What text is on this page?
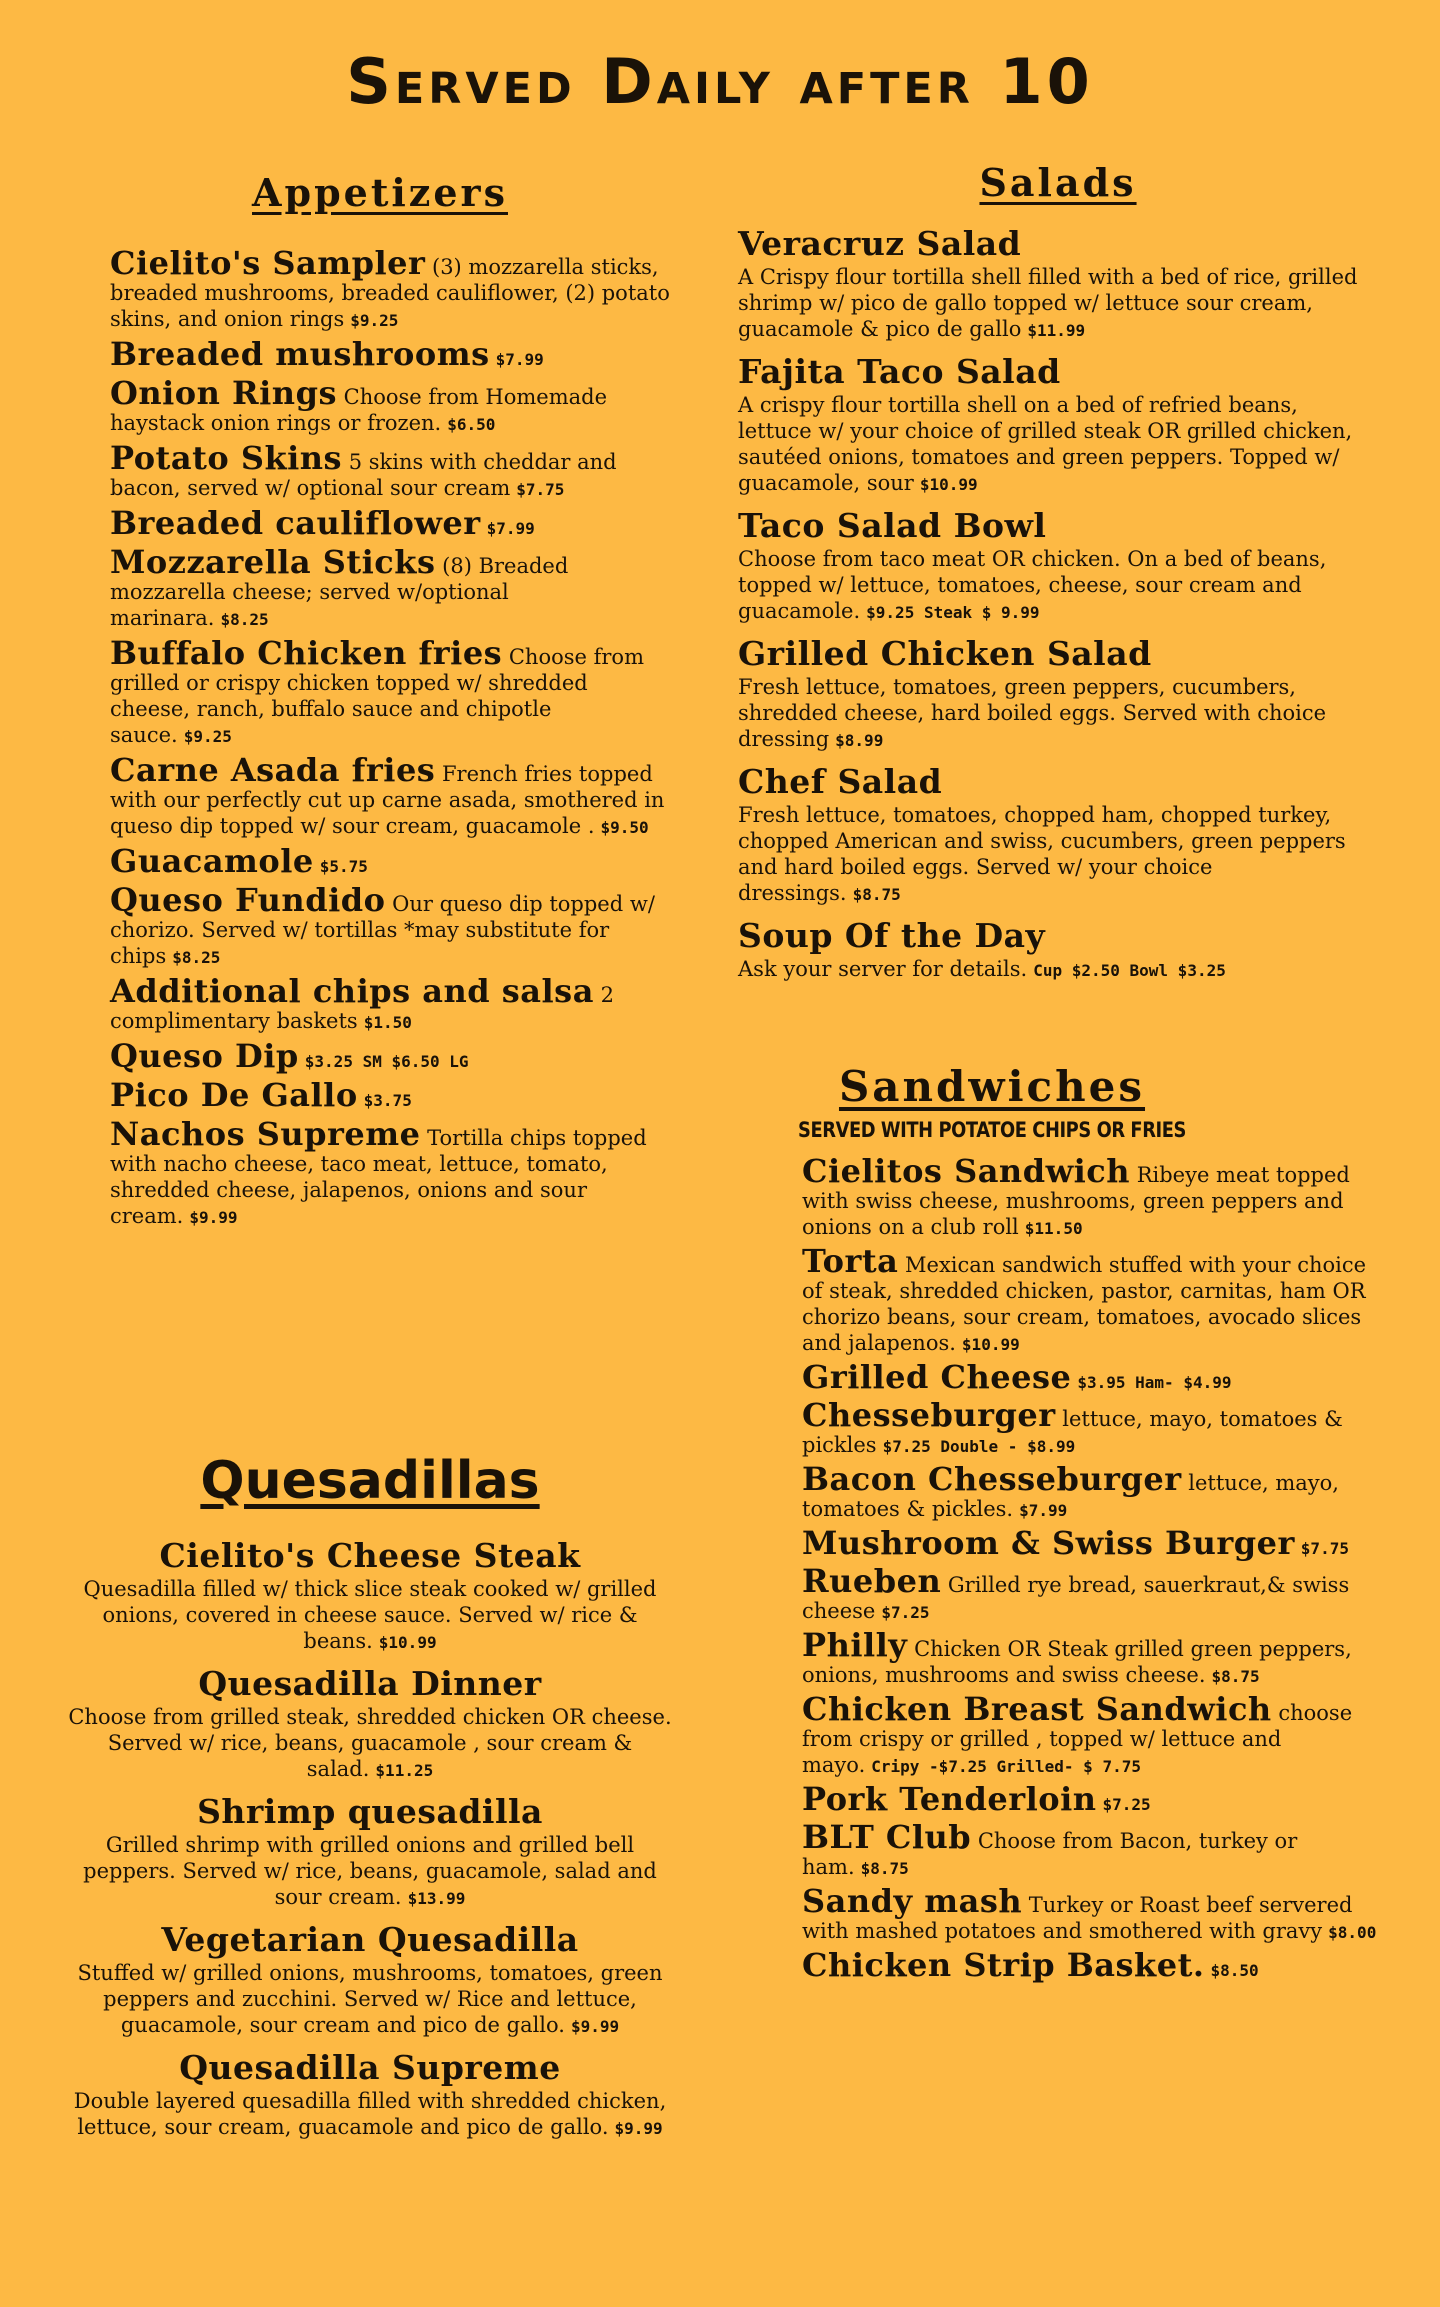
Served Daily after 10
Appetizers
Cielito's Sampler (3) mozzarella sticks, breaded mushrooms, breaded cauliflower, (2) potato skins, and onion rings $9.25
Breaded mushrooms $7.99
Onion Rings Choose from Homemade haystack onion rings or frozen. $6.50
Potato Skins 5 skins with cheddar and bacon, served w/ optional sour cream $7.75
Breaded cauliflower $7.99
Mozzarella Sticks (8) Breaded mozzarella cheese; served w/optional marinara. $8.25
Buffalo Chicken fries Choose from grilled or crispy chicken topped w/ shredded cheese, ranch, buffalo sauce and chipotle sauce. $9.25
Carne Asada fries French fries topped with our perfectly cut up carne asada, smothered in queso dip topped w/ sour cream, guacamole . $9.50
Guacamole $5.75
Queso Fundido Our queso dip topped w/ chorizo. Served w/ tortillas *may substitute for chips $8.25
Additional chips and salsa 2 complimentary baskets $1.50
Queso Dip $3.25 SM $6.50 LG
Pico De Gallo $3.75
Nachos Supreme Tortilla chips topped with nacho cheese, taco meat, lettuce, tomato, shredded cheese, jalapenos, onions and sour cream. $9.99
Quesadillas
Cielito's Cheese Steak
Quesadilla filled w/ thick slice steak cooked w/ grilled onions, covered in cheese sauce. Served w/ rice & beans. $10.99
Quesadilla Dinner
Choose from grilled steak, shredded chicken OR cheese. Served w/ rice, beans, guacamole , sour cream & salad. $11.25
Shrimp quesadilla
Grilled shrimp with grilled onions and grilled bell peppers. Served w/ rice, beans, guacamole, salad and sour cream. $13.99
Vegetarian Quesadilla
Stuffed w/ grilled onions, mushrooms, tomatoes, green peppers and zucchini. Served w/ Rice and lettuce, guacamole, sour cream and pico de gallo. $9.99
Quesadilla Supreme
Double layered quesadilla filled with shredded chicken, lettuce, sour cream, guacamole and pico de gallo. $9.99
Salads
Veracruz Salad
A Crispy flour tortilla shell filled with a bed of rice, grilled shrimp w/ pico de gallo topped w/ lettuce sour cream, guacamole & pico de gallo $11.99
Fajita Taco Salad
A crispy flour tortilla shell on a bed of refried beans, lettuce w/ your choice of grilled steak OR grilled chicken, sautéed onions, tomatoes and green peppers. Topped w/ guacamole, sour $10.99
Taco Salad Bowl
Choose from taco meat OR chicken. On a bed of beans, topped w/ lettuce, tomatoes, cheese, sour cream and guacamole. $9.25 Steak $ 9.99
Grilled Chicken Salad
Fresh lettuce, tomatoes, green peppers, cucumbers, shredded cheese, hard boiled eggs. Served with choice dressing $8.99
Chef Salad
Fresh lettuce, tomatoes, chopped ham, chopped turkey, chopped American and swiss, cucumbers, green peppers and hard boiled eggs. Served w/ your choice dressings. $8.75
Soup Of the Day
Ask your server for details. Cup $2.50 Bowl $3.25
Sandwiches
SERVED WITH POTATOE CHIPS OR FRIES
Cielitos Sandwich Ribeye meat topped with swiss cheese, mushrooms, green peppers and onions on a club roll $11.50
Torta Mexican sandwich stuffed with your choice of steak, shredded chicken, pastor, carnitas, ham OR chorizo beans, sour cream, tomatoes, avocado slices and jalapenos. $10.99
Grilled Cheese $3.95 Ham- $4.99
Chesseburger lettuce, mayo, tomatoes & pickles $7.25 Double - $8.99
Bacon Chesseburger lettuce, mayo, tomatoes & pickles. $7.99
Mushroom & Swiss Burger $7.75
Rueben Grilled rye bread, sauerkraut,& swiss cheese $7.25
Philly Chicken OR Steak grilled green peppers, onions, mushrooms and swiss cheese. $8.75
Chicken Breast Sandwich choose from crispy or grilled , topped w/ lettuce and mayo. Cripy -$7.25 Grilled- $ 7.75
Pork Tenderloin $7.25
BLT Club Choose from Bacon, turkey or ham. $8.75
Sandy mash Turkey or Roast beef servered with mashed potatoes and smothered with gravy $8.00
Chicken Strip Basket. $8.50
